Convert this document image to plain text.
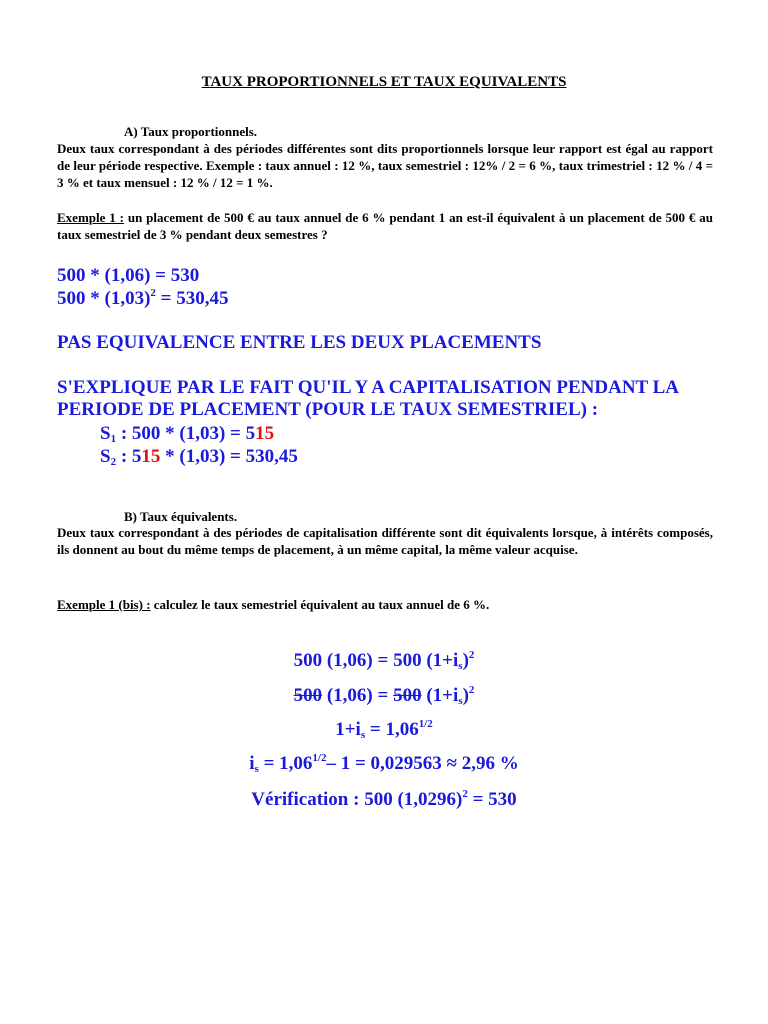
TAUX PROPORTIONNELS ET TAUX EQUIVALENTS
A) Taux proportionnels.
Deux taux correspondant à des périodes différentes sont dits proportionnels lorsque leur rapport est égal au rapport de leur période respective. Exemple : taux annuel : 12 %, taux semestriel : 12% / 2 = 6 %, taux trimestriel : 12 % / 4 = 3 % et taux mensuel : 12 % / 12 = 1 %.
Exemple 1 : un placement de 500 € au taux annuel de 6 % pendant 1 an est-il équivalent à un placement de 500 € au taux semestriel de 3 % pendant deux semestres ?
500 * (1,06) = 530
$500 * (1,03)^2 = 530,45$
PAS EQUIVALENCE ENTRE LES DEUX PLACEMENTS
S'EXPLIQUE PAR LE FAIT QU'IL Y A CAPITALISATION PENDANT LA PERIODE DE PLACEMENT (POUR LE TAUX SEMESTRIEL) :
$S_1$ : 500 * (1,03) = 515
$S_2$ : 515 * (1,03) = 530,45
B) Taux équivalents.
Deux taux correspondant à des périodes de capitalisation différente sont dit équivalents lorsque, à intérêts composés, ils donnent au bout du même temps de placement, à un même capital, la même valeur acquise.
Exemple 1 (bis) : calculez le taux semestriel équivalent au taux annuel de 6 %.
500 (1,06) = 500 $(1+i_s)^2$
500 (1,06) = 500 $(1+i_s)^2$
$1+i_s = 1,06^{1/2}$
$i_s = 1,06^{1/2}-$ 1 = 0,029563 ≈ 2,96 %
Vérification : 500 $(1,0296)^2 = 530$
